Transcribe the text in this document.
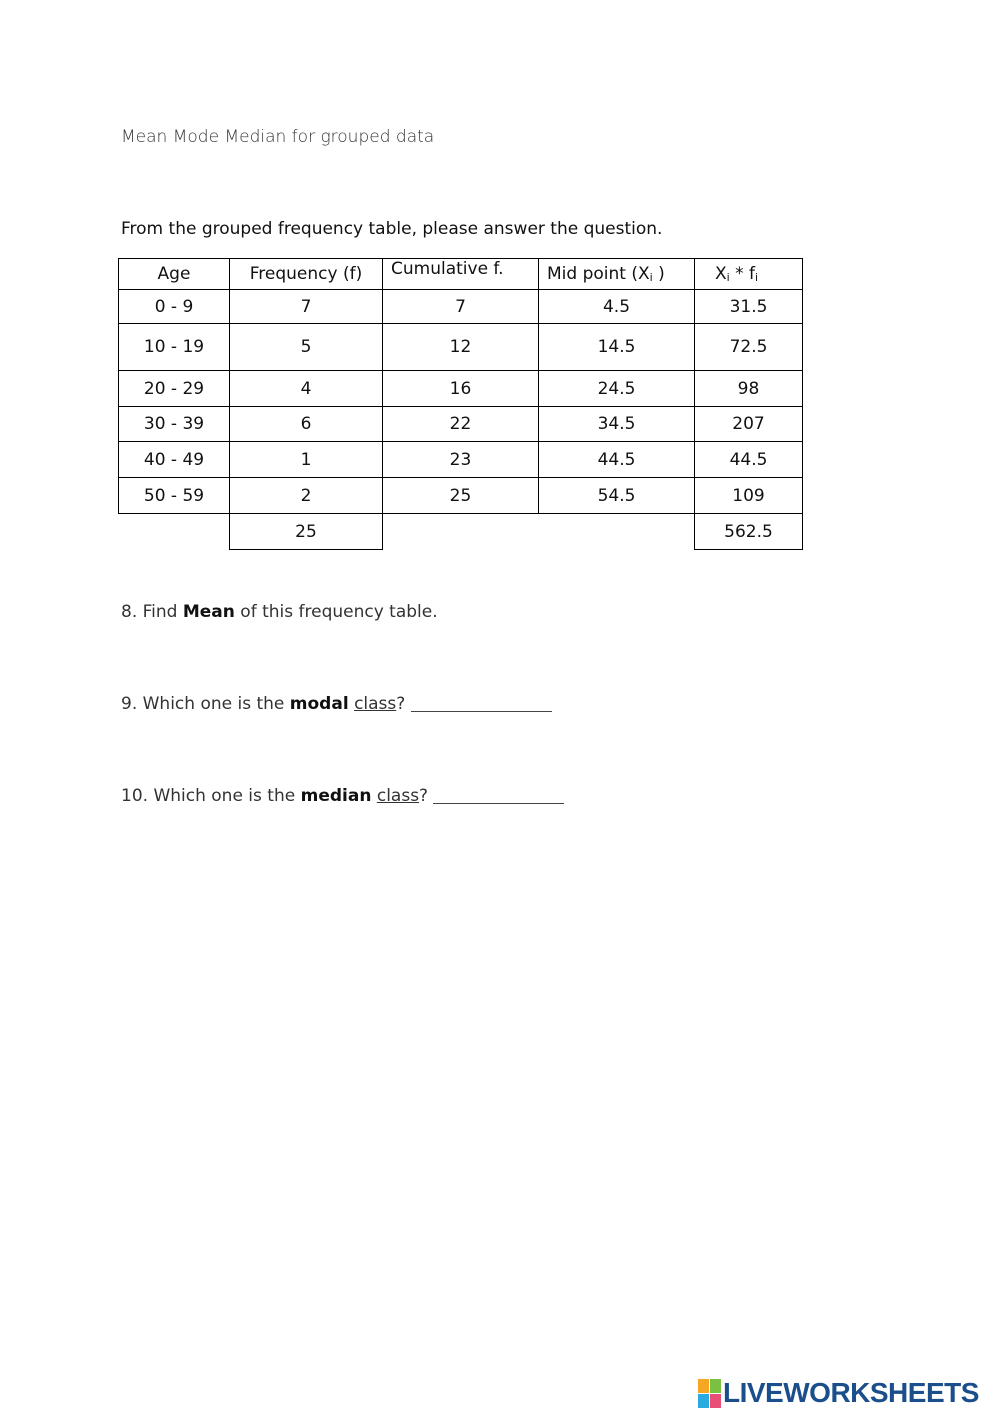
Mean Mode Median for grouped data
From the grouped frequency table, please answer the question.
Age	Frequency (f)	Cumulative f.	Mid point ($X_i$ )	$X_i * f_i$
0 - 9	7	7	4.5	31.5
10 - 19	5	12	14.5	72.5
20 - 29	4	16	24.5	98
30 - 39	6	22	34.5	207
40 - 49	1	23	44.5	44.5
50 - 59	2	25	54.5	109
	25			562.5
8. Find Mean of this frequency table.
9. Which one is the modal class?
10. Which one is the median class?
LIVEWORKSHEETS
